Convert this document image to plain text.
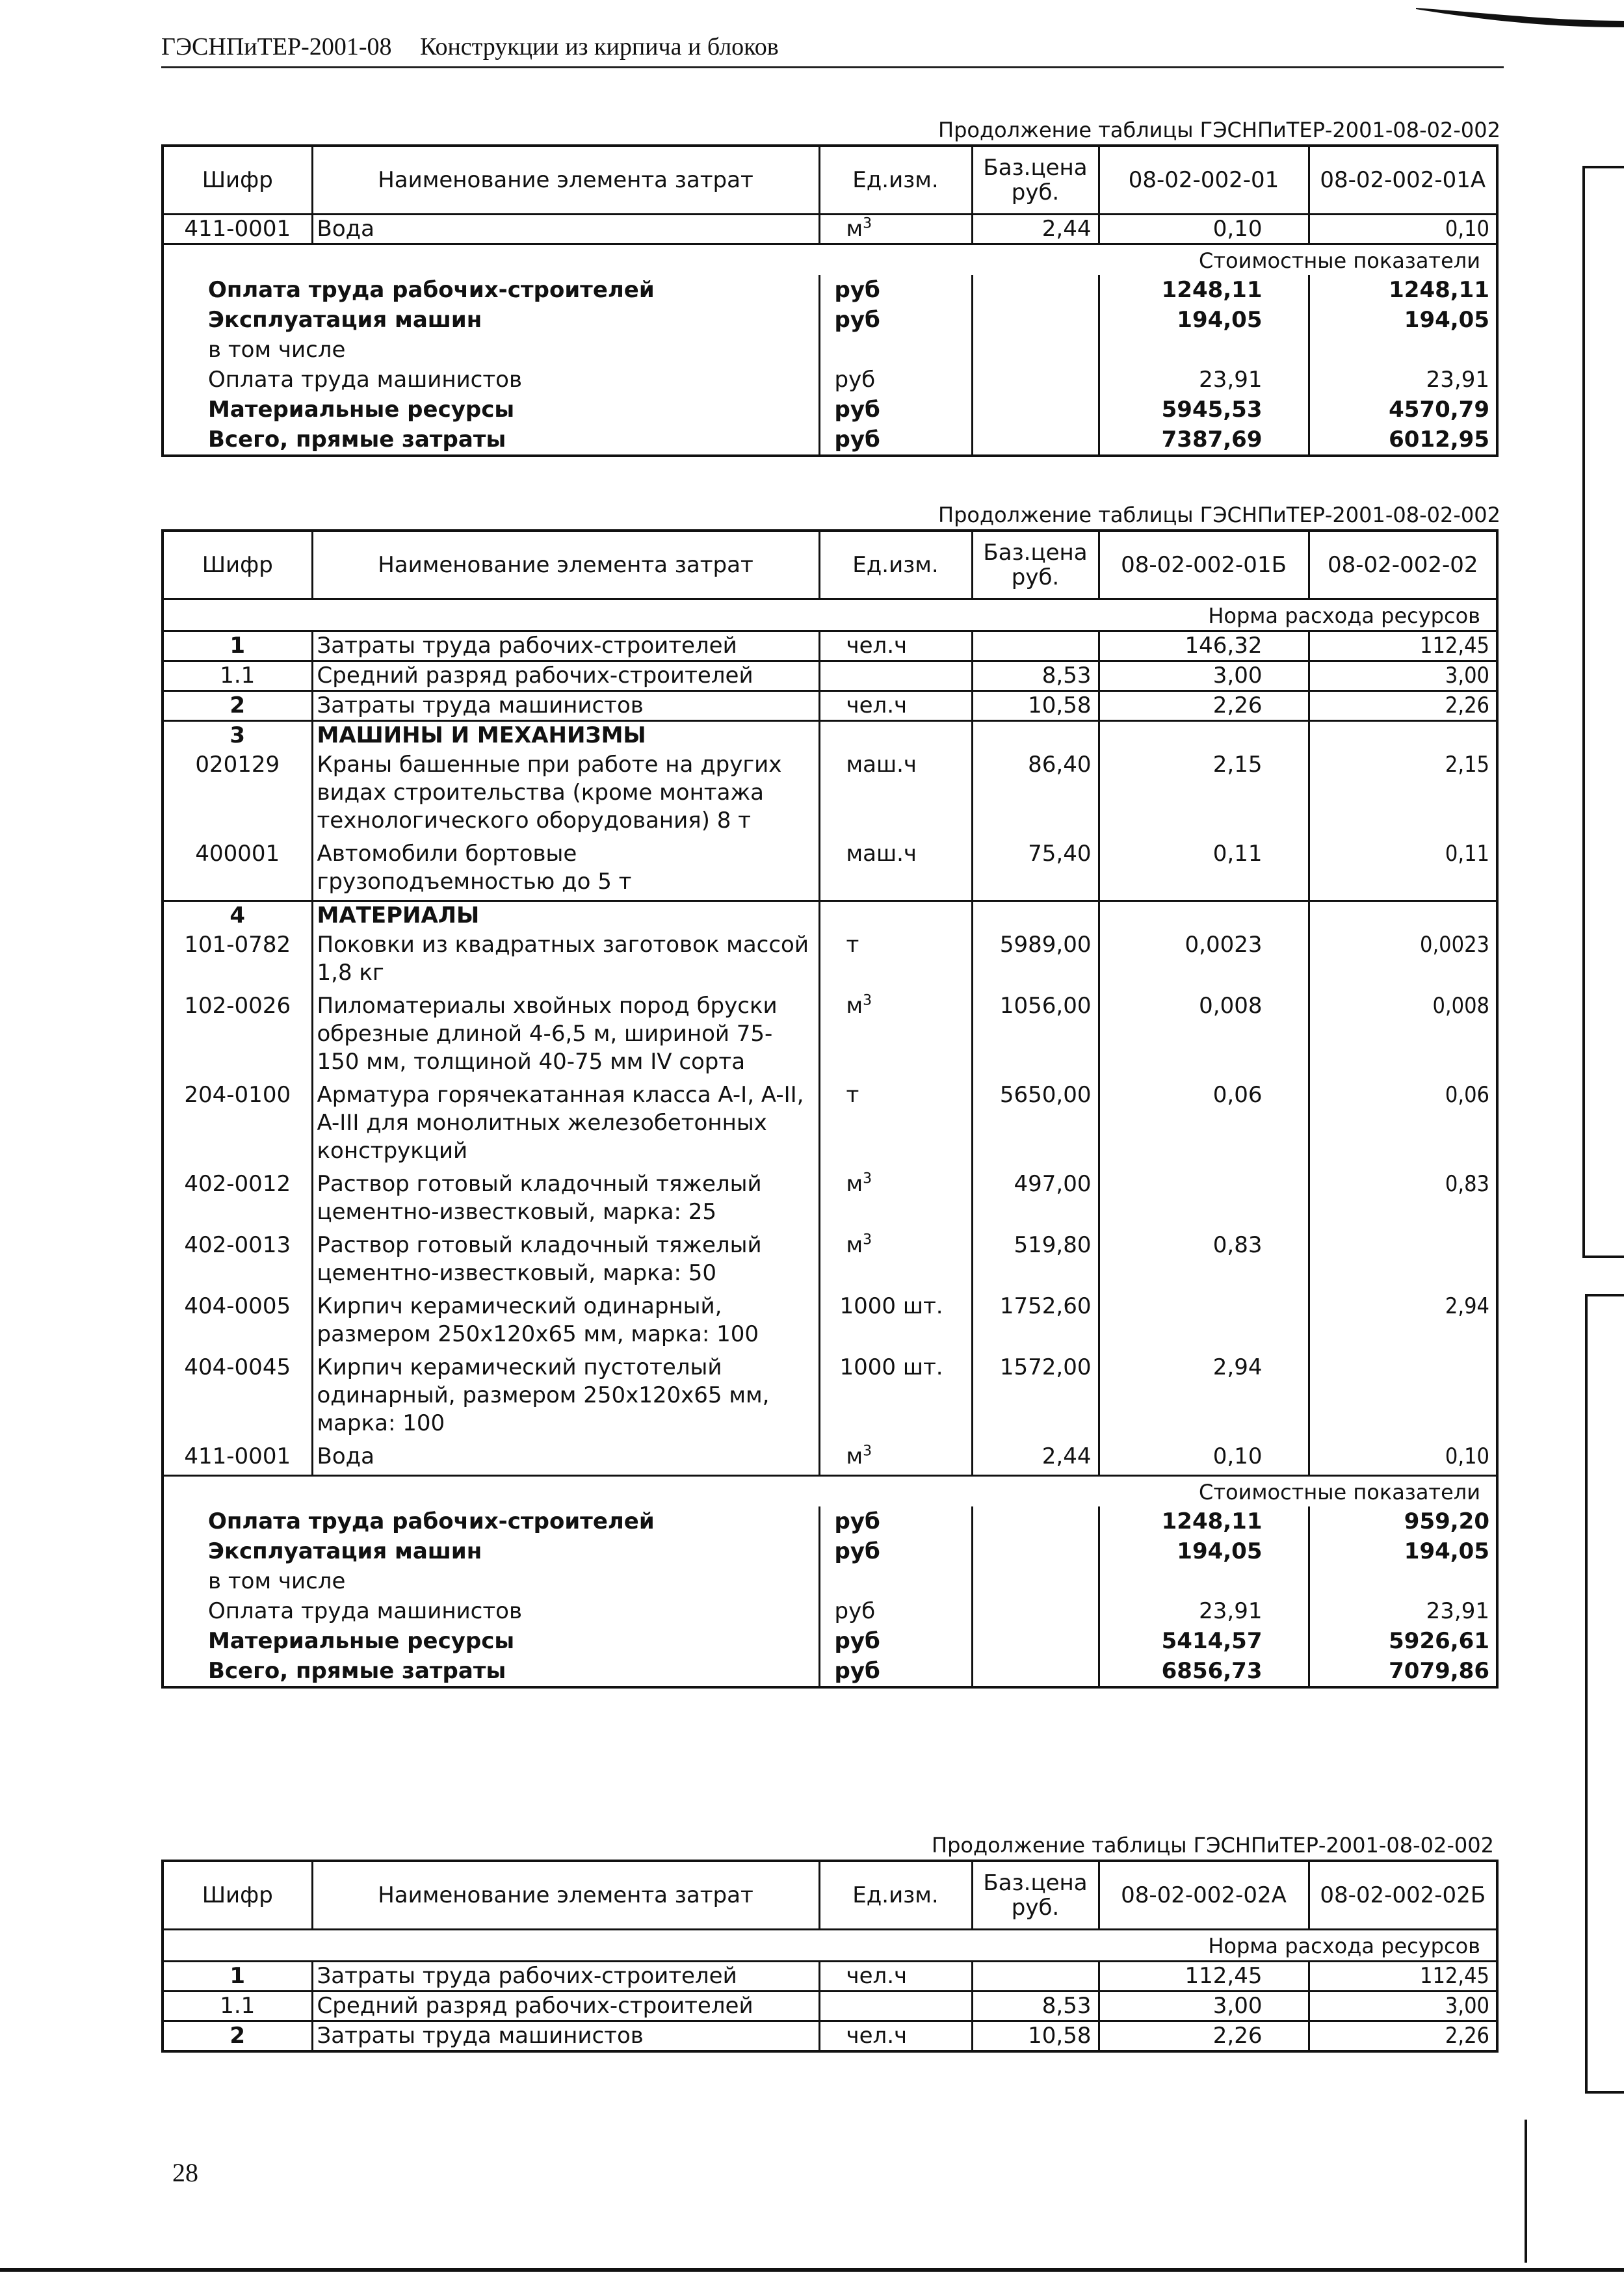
ГЭСНПиТЕР-2001-08 Конструкции из кирпича и блоков
Продолжение таблицы ГЭСНПиТЕР-2001-08-02-002
Шифр	Наименование элемента затрат	Ед.изм.	Баз.цена руб.	08-02-002-01	08-02-002-01А
411-0001	Вода	$м^3$	2,44	0,10	0,10
Стоимостные показатели					
Оплата труда рабочих-строителей		руб		1248,11	1248,11
Эксплуатация машин		руб		194,05	194,05
в том числе					
Оплата труда машинистов		руб		23,91	23,91
Материальные ресурсы		руб		5945,53	4570,79
Всего, прямые затраты		руб		7387,69	6012,95
Продолжение таблицы ГЭСНПиТЕР-2001-08-02-002
Шифр	Наименование элемента затрат	Ед.изм.	Баз.цена руб.	08-02-002-01Б	08-02-002-02
Норма расхода ресурсов					
1	Затраты труда рабочих-строителей	чел.ч		146,32	112,45
1.1	Средний разряд рабочих-строителей		8,53	3,00	3,00
2	Затраты труда машинистов	чел.ч	10,58	2,26	2,26
3	МАШИНЫ И МЕХАНИЗМЫ				
020129	Краны башенные при работе на других видах строительства (кроме монтажа технологического оборудования) 8 т	маш.ч	86,40	2,15	2,15
400001	Автомобили бортовые грузоподъемностью до 5 т	маш.ч	75,40	0,11	0,11
4	МАТЕРИАЛЫ				
101-0782	Поковки из квадратных заготовок массой 1,8 кг	т	5989,00	0,0023	0,0023
102-0026	Пиломатериалы хвойных пород бруски обрезные длиной 4-6,5 м, шириной 75-150 мм, толщиной 40-75 мм IV сорта	$м^3$	1056,00	0,008	0,008
204-0100	Арматура горячекатанная класса A-I, A-II, A-III для монолитных железобетонных конструкций	т	5650,00	0,06	0,06
402-0012	Раствор готовый кладочный тяжелый цементно-известковый, марка: 25	$м^3$	497,00		0,83
402-0013	Раствор готовый кладочный тяжелый цементно-известковый, марка: 50	$м^3$	519,80	0,83	
404-0005	Кирпич керамический одинарный, размером 250x120x65 мм, марка: 100	1000 шт.	1752,60		2,94
404-0045	Кирпич керамический пустотелый одинарный, размером 250x120x65 мм, марка: 100	1000 шт.	1572,00	2,94	
411-0001	Вода	$м^3$	2,44	0,10	0,10
Стоимостные показатели					
Оплата труда рабочих-строителей		руб		1248,11	959,20
Эксплуатация машин		руб		194,05	194,05
в том числе					
Оплата труда машинистов		руб		23,91	23,91
Материальные ресурсы		руб		5414,57	5926,61
Всего, прямые затраты		руб		6856,73	7079,86
Продолжение таблицы ГЭСНПиТЕР-2001-08-02-002
Шифр	Наименование элемента затрат	Ед.изм.	Баз.цена руб.	08-02-002-02А	08-02-002-02Б
Норма расхода ресурсов					
1	Затраты труда рабочих-строителей	чел.ч		112,45	112,45
1.1	Средний разряд рабочих-строителей		8,53	3,00	3,00
2	Затраты труда машинистов	чел.ч	10,58	2,26	2,26
28
